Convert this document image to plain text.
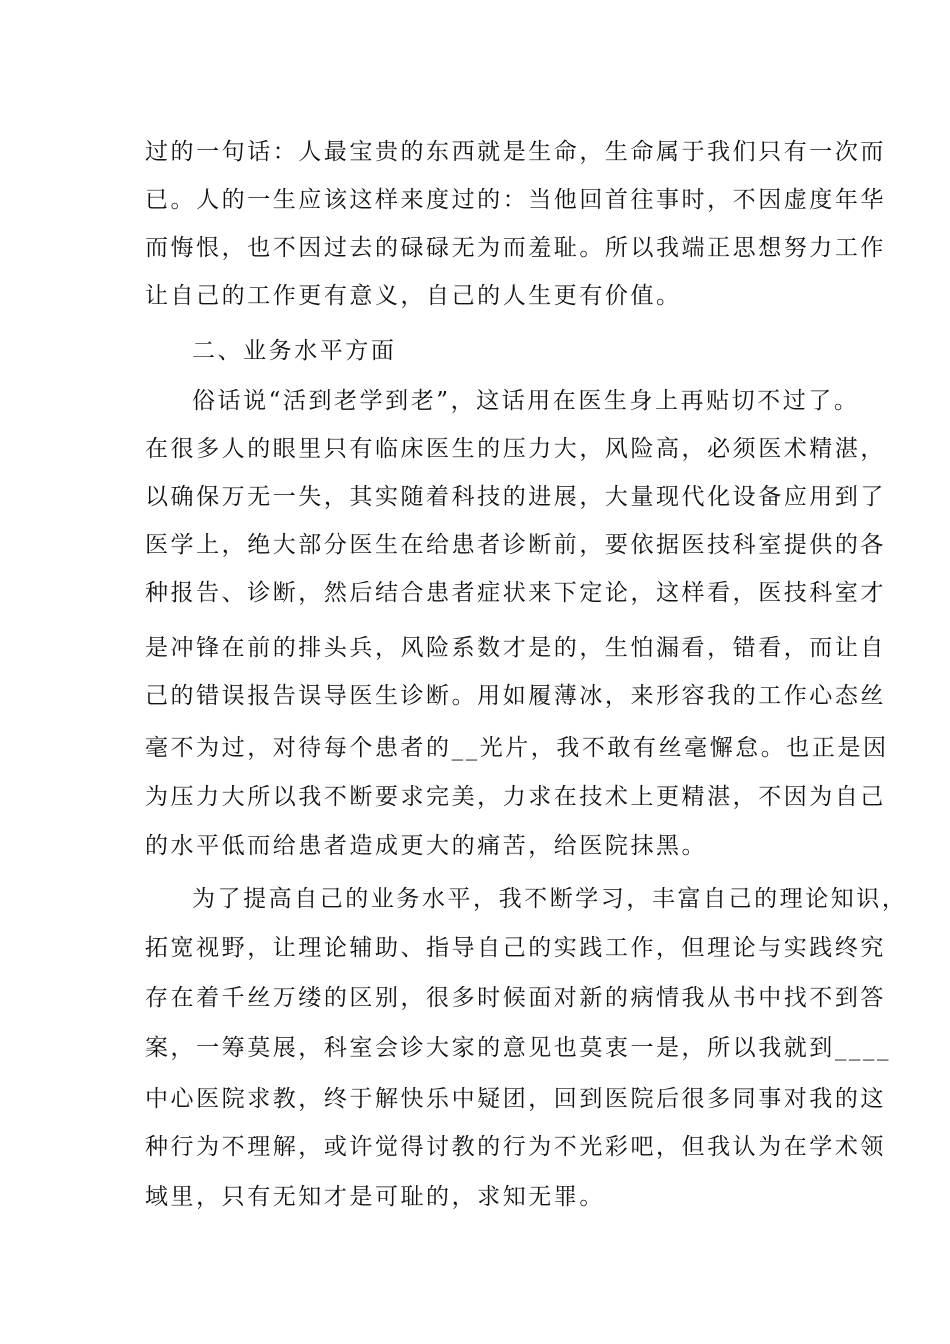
过的一句话：人最宝贵的东西就是生命，生命属于我们只有一次而
已。人的一生应该这样来度过的：当他回首往事时，不因虚度年华
而悔恨，也不因过去的碌碌无为而羞耻。所以我端正思想努力工作
让自己的工作更有意义，自己的人生更有价值。
二、业务水平方面
俗话说“活到老学到老”，这话用在医生身上再贴切不过了。
在很多人的眼里只有临床医生的压力大，风险高，必须医术精湛，
以确保万无一失，其实随着科技的进展，大量现代化设备应用到了
医学上，绝大部分医生在给患者诊断前，要依据医技科室提供的各
种报告、诊断，然后结合患者症状来下定论，这样看，医技科室才
是冲锋在前的排头兵，风险系数才是的，生怕漏看，错看，而让自
己的错误报告误导医生诊断。用如履薄冰，来形容我的工作心态丝
毫不为过，对待每个患者的__光片，我不敢有丝毫懈怠。也正是因
为压力大所以我不断要求完美，力求在技术上更精湛，不因为自己
的水平低而给患者造成更大的痛苦，给医院抹黑。
为了提高自己的业务水平，我不断学习，丰富自己的理论知识，
拓宽视野，让理论辅助、指导自己的实践工作，但理论与实践终究
存在着千丝万缕的区别，很多时候面对新的病情我从书中找不到答
案，一筹莫展，科室会诊大家的意见也莫衷一是，所以我就到____
中心医院求教，终于解快乐中疑团，回到医院后很多同事对我的这
种行为不理解，或许觉得讨教的行为不光彩吧，但我认为在学术领
域里，只有无知才是可耻的，求知无罪。
